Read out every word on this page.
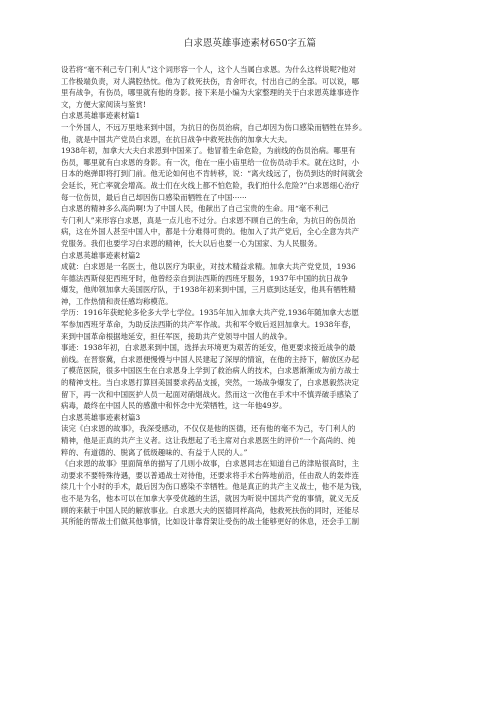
白求恩英雄事迹素材650字五篇
设若将“毫不利己专门利人”这个词形容一个人，这个人当属白求恩。为什么这样说呢?他对
工作极端负责，对人满腔热忱。他为了救死扶伤，肯舍旰衣，忖出自己的全部。可以说，哪
里有战争，有伤员，哪里就有他的身影。接下来是小编为大家整理的关于白求恩英雄事迹作
文，方便大家阅读与鉴赏!
白求恩英雄事迹素材篇1
一个外国人，不远万里地来到中国，为抗日的伤员治病，自己却因为伤口感染而牺牲在异乡。
他，就是中国共产党员白求恩，在抗日战争中救死扶伤的加拿大大夫。
1938年初，加拿大大夫白求恩到中国来了。他冒着生命危险，为前线的伤员治病。哪里有
伤员，哪里就有白求恩的身影。有一次，他在一座小庙里给一位伤员动手术。就在这时，小
日本的炮弹即将打到门前。他无论如何也不肯转移，说：“离火线远了，伤员到达的时间就会
会延长，死亡率就会增高。战士们在火线上都不怕危险，我们怕什么危险?”白求恩细心治疗
每一位伤员，最后自己却因伤口感染而牺牲在了中国······
白求恩的精神多么高尚啊!为了中国人民，他献出了自己宝贵的生命。用“毫不利己
专门利人”来形容白求恩，真是一点儿也不过分。白求恩不顾自己的生命，为抗日的伤员治
病，这在外国人甚至中国人中，都是十分难得可贵的。他加入了共产党后，全心全意为共产
党服务。我们也要学习白求恩的精神，长大以后也要一心为国家、为人民服务。
白求恩英雄事迹素材篇2
成就：白求恩是一名医士，他以医疗为职业，对技术精益求精。加拿大共产党党员，1936
年德法西斯侵犯西班牙时，他曾经亲自到法西斯的西班牙服务，1937年中国的抗日战争
爆发，他帅领加拿大美国医疗队，于1938年初来到中国，三月底到达延安，他具有牺牲精
神，工作热情和责任感均称模范。
学历：1916年获蛇轮多伦多大学七学位。1935年加入加拿大共产党,1936年随加拿大志愿
军参加西班牙革命，为助反法西斯的共产军作战。共和军令败后返回加拿大。1938年春，
来到中国革命根据地延安，担任军医，接助共产党领导中国人的战争。
事迹：1938年初，白求恩来到中国，选择去环境更为艰苦的延安，他更要求接近战争的最
前线。在晋察冀，白求恩便慢慢与中国人民建起了深厚的情谊，在他的主持下，解放区办起
了模范医院，很多中国医生在白求恩身上学到了救治病人的技术，白求恩渐渐成为前方战士
的精神支柱。当白求恩打算回美国要求药品支援，突然，一场战争爆发了，白求恩毅然决定
留下，再一次和中国医护人员一起面对硝烟战火。然而这一次他在手术中不慎弄破手感染了
病毒，最终在中国人民的感激中和怀念中光荣牺牲，这一年他49岁。
白求恩英雄事迹素材篇3
读完《白求恩的故事》，我深受感动，不仅仅是他的医德，还有他的毫不为己，专门利人的
精神，他是正真的共产主义者。这让我想起了毛主席对白求恩医生的评价“一个高尚的、纯
粹的、有道德的、脱离了低级趣味的、有益于人民的人。”
《白求恩的故事》里面简单的描写了几则小故事，白求恩同志在知道自己的津贴很高时，主
动要求不要特殊待遇，要以普通战士对待他，还要求将手术台阵地前沿，任由敌人的轰炸连
续几十个小时的手术，最后因为伤口感染不幸牺牲。他是真正的共产主义战士，他不是为钱，
也不是为名，他本可以在加拿大享受优越的生活，就因为听说中国共产党的事情，就义无反
顾的来献于中国人民的解放事业。白求恩大夫的医德同样高尚，他救死扶伤的同时，还能尽
其所能的帮战士们做其他事情，比如设计靠背架让受伤的战士能够更好的休息，还会手工制
